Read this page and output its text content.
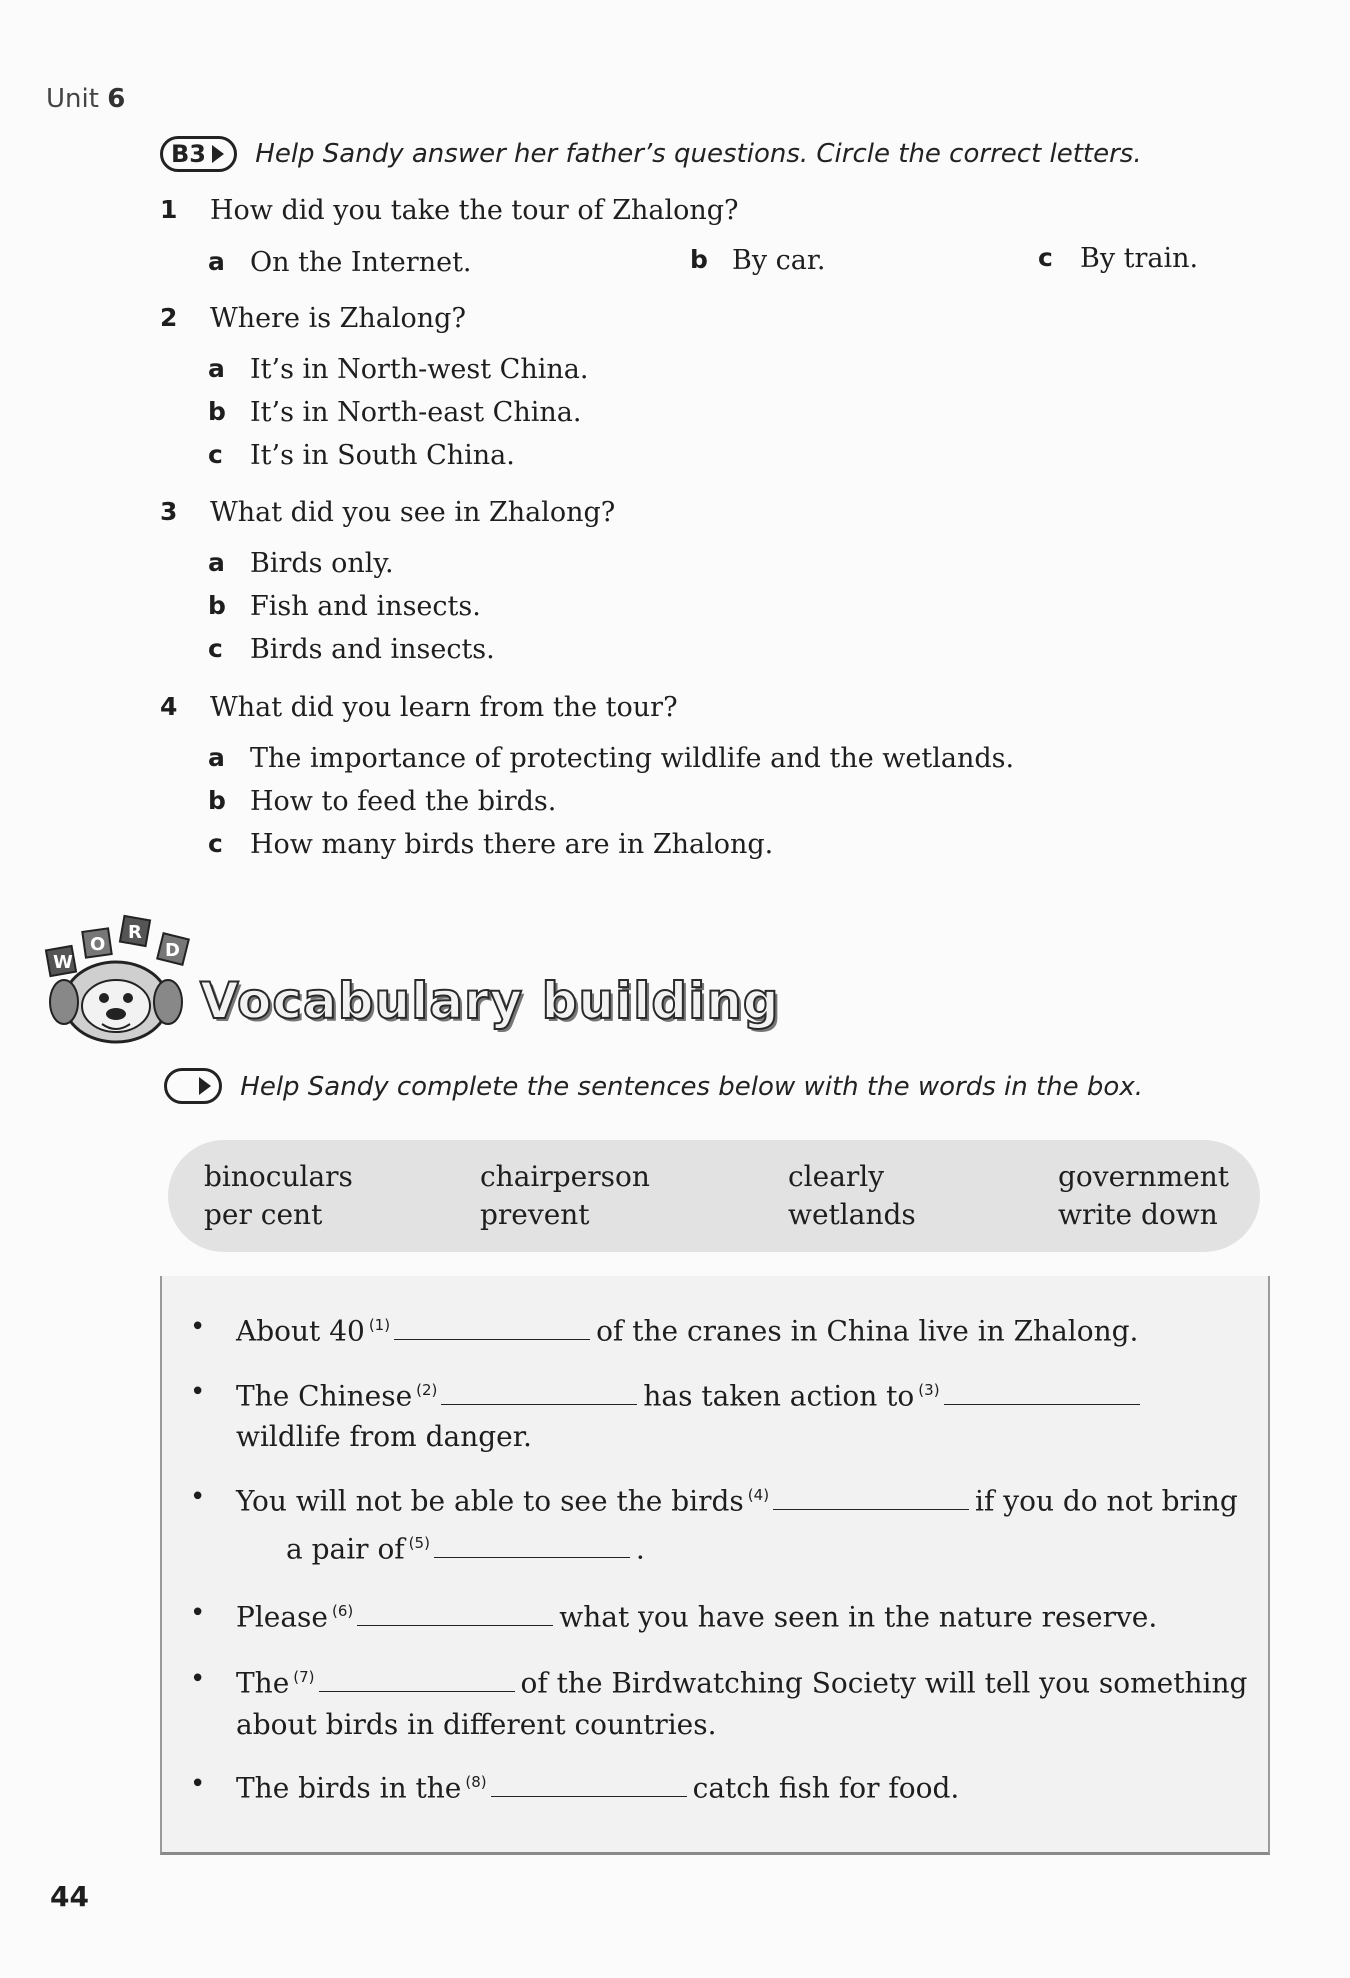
Unit 6
B3 Help Sandy answer her father’s questions. Circle the correct letters.
1 How did you take the tour of Zhalong?
a On the Internet.	b By car.	c By train.
2 Where is Zhalong?
a It’s in North-west China.
b It’s in North-east China.
c It’s in South China.
3 What did you see in Zhalong?
a Birds only.
b Fish and insects.
c Birds and insects.
4 What did you learn from the tour?
a The importance of protecting wildlife and the wetlands.
b How to feed the birds.
c How many birds there are in Zhalong.
W
O
R
D
Vocabulary building
Help Sandy complete the sentences below with the words in the box.
binoculars	chairperson	clearly	government
per cent	prevent	wetlands	write down
• About 40 $^{(1)}$	of the cranes in China live in Zhalong.
• The Chinese $^{(2)}$	has taken action to $^{(3)}$
wildlife from danger.
• You will not be able to see the birds $^{(4)}$	if you do not bring
a pair of $^{(5)}$	.
• Please $^{(6)}$	what you have seen in the nature reserve.
• The $^{(7)}$	of the Birdwatching Society will tell you something
about birds in different countries.
• The birds in the $^{(8)}$	catch fish for food.
44
